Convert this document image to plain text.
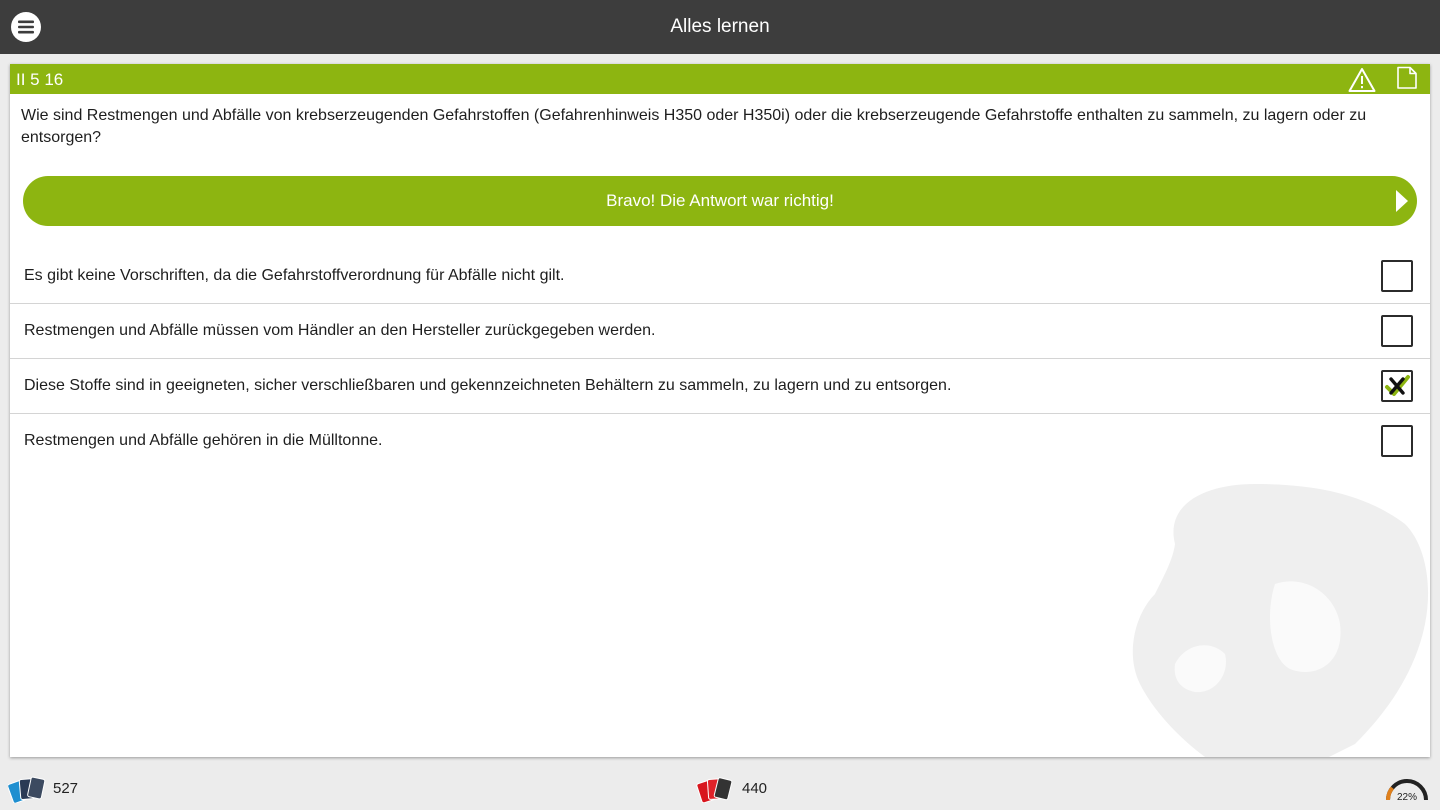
Alles lernen
II 5 16
Wie sind Restmengen und Abfälle von krebserzeugenden Gefahrstoffen (Gefahrenhinweis H350 oder H350i) oder die krebserzeugende Gefahrstoffe enthalten zu sammeln, zu lagern oder zu entsorgen?
Bravo! Die Antwort war richtig!
Es gibt keine Vorschriften, da die Gefahrstoffverordnung für Abfälle nicht gilt.
Restmengen und Abfälle müssen vom Händler an den Hersteller zurückgegeben werden.
Diese Stoffe sind in geeigneten, sicher verschließbaren und gekennzeichneten Behältern zu sammeln, zu lagern und zu entsorgen.
Restmengen und Abfälle gehören in die Mülltonne.
527	440
22%
